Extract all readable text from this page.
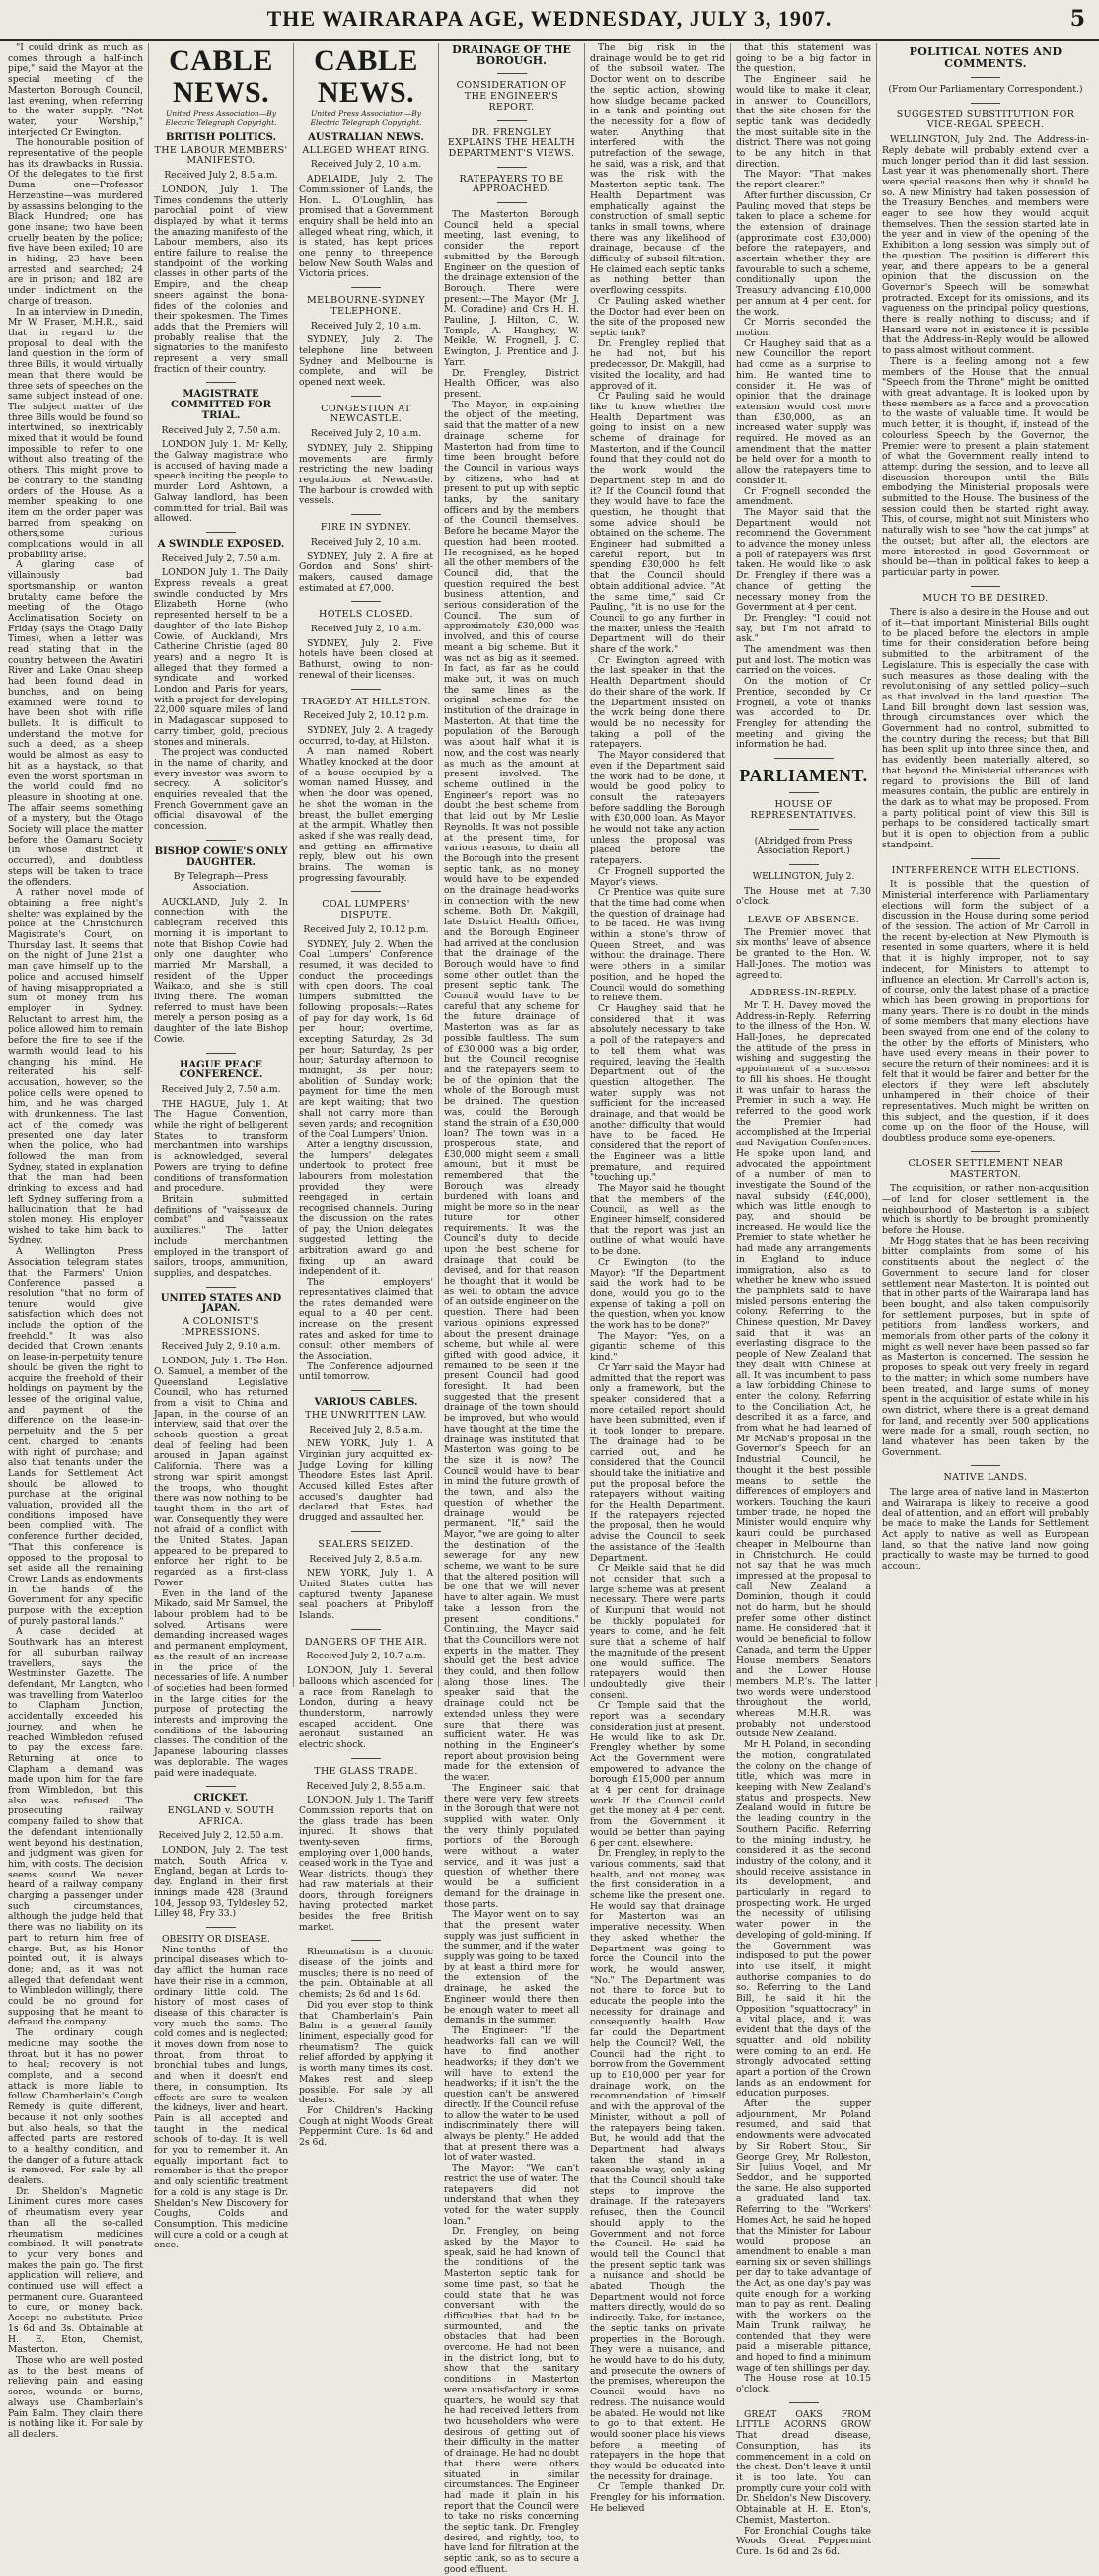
THE WAIRARAPA AGE, WEDNESDAY, JULY 3, 1907.	5

"I could drink as much as comes through a half-inch pipe," said the Mayor at the special meeting of the Masterton Borough Council, last evening, when referring to the water supply. "Not water, your Worship," interjected Cr Ewington.

The honourable position of representative of the people has its drawbacks in Russia. Of the delegates to the first Duma one—Professor Herzenstine—was murdered by assassins belonging to the Black Hundred; one has gone insane; two have been cruelly beaten by the police; five have been exiled; 10 are in hiding; 23 have been arrested and searched; 24 are in prison; and 182 are under indictment on the charge of treason.

In an interview in Dunedin, Mr W. Fraser, M.H.R., said that in regard to the proposal to deal with the land question in the form of three Bills, it would virtually mean that there would be three sets of speeches on the same subject instead of one. The subject matter of the three Bills would be found so intertwined, so inextricably mixed that it would be found impossible to refer to one without also treating of the others. This might prove to be contrary to the standing orders of the House. As a member speaking to one item on the order paper was barred from speaking on others,some curious complications would in all probability arise.

A glaring case of villainously bad sportsmanship or wanton brutality came before the meeting of the Otago Acclimatisation Society on Friday (says the Otago Daily Times), when a letter was read stating that in the country between the Awatiri River and Lake Onau sheep had been found dead in bunches, and on being examined were found to have been shot with rifle bullets. It is difficult to understand the motive for such a deed, as a sheep would be almost as easy to hit as a haystack, so that even the worst sportsman in the world could find no pleasure in shooting at one. The affair seems something of a mystery, but the Otago Society will place the matter before the Oamaru Society (in whose district it occurred), and doubtless steps will be taken to trace the offenders.

A rather novel mode of obtaining a free night's shelter was explained by the police at the Christchurch Magistrate's Court, on Thursday last. It seems that on the night of June 21st a man gave himself up to the police and accused himself of having misappropriated a sum of money from his employer in Sydney. Reluctant to arrest him, the police allowed him to remain before the fire to see if the warmth would lead to his changing his mind. He reiterated his self-accusation, however, so the police cells were opened to him, and he was charged with drunkenness. The last act of the comedy was presented one day later when the police, who had followed the man from Sydney, stated in explanation that the man had been drinking to excess and had left Sydney suffering from a hallucination that he had stolen money. His employer wished to take him back to Sydney.

A Wellington Press Association telegram states that the Farmers' Union Conference passed a resolution "that no form of tenure would give satisfaction which does not include the option of the freehold." It was also decided that Crown tenants on lease-in-perpetuity tenure should be given the right to acquire the freehold of their holdings on payment by the lessee of the original value, and payment of the difference on the lease-in-perpetuity and the 5 per cent. charged to tenants with right of purchase; and also that tenants under the Lands for Settlement Act should be allowed to purchase at the original valuation, provided all the conditions imposed have been complied with. The conference further decided, "That this conference is opposed to the proposal to set aside all the remaining Crown Lands as endowments in the hands of the Government for any specific purpose with the exception of purely pastoral lands."

A case decided at Southwark has an interest for all suburban railway travellers, says the Westminster Gazette. The defendant, Mr Langton, who was travelling from Waterloo to Clapham Junction, accidentally exceeded his journey, and when he reached Wimbledon refused to pay the excess fare. Returning at once to Clapham a demand was made upon him for the fare from Wimbledon, but this also was refused. The prosecuting railway company failed to show that the defendant intentionally went beyond his destination, and judgment was given for him, with costs. The decision seems sound. We never heard of a railway company charging a passenger under such circumstances, although the judge held that there was no liability on its part to return him free of charge. But, as his Honor pointed out, it is always done; and, as it was not alleged that defendant went to Wimbledon willingly, there could be no ground for supposing that he meant to defraud the company.

The ordinary cough medicine may soothe the throat, but it has no power to heal; recovery is not complete, and a second attack is more liable to follow. Chamberlain's Cough Remedy is quite different, because it not only soothes but also heals, so that the affected parts are restored to a healthy condition, and the danger of a future attack is removed. For sale by all dealers.

Dr. Sheldon's Magnetic Liniment cures more cases of rheumatism every year than all the so-called rheumatism medicines combined. It will penetrate to your very bones and makes the pain go. The first application will relieve, and continued use will effect a permanent cure. Guaranteed to cure, or money back. Accept no substitute. Price 1s 6d and 3s. Obtainable at H. E. Eton, Chemist, Masterton.

Those who are well posted as to the best means of relieving pain and easing sores, wounds or burns, always use Chamberlain's Pain Balm. They claim there is nothing like it. For sale by all dealers.

CABLE NEWS.
United Press Association—By Electric Telegraph Copyright.
BRITISH POLITICS.
THE LABOUR MEMBERS' MANIFESTO.
Received July 2, 8.5 a.m.

LONDON, July 1. The Times condemns the utterly parochial point of view displayed by what it terms the amazing manifesto of the Labour members, also its entire failure to realise the standpoint of the working classes in other parts of the Empire, and the cheap sneers against the bona-fides of the colonies and their spokesmen. The Times adds that the Premiers will probably realise that the signatories to the manifesto represent a very small fraction of their country.

MAGISTRATE COMMITTED FOR TRIAL.
Received July 2, 7.50 a.m.

LONDON July 1. Mr Kelly, the Galway magistrate who is accused of having made a speech inciting the people to murder Lord Ashtown, a Galway landlord, has been committed for trial. Bail was allowed.

A SWINDLE EXPOSED.
Received July 2, 7.50 a.m.

LONDON July 1. The Daily Express reveals a great swindle conducted by Mrs Elizabeth Horne (who represented herself to be a daughter of the late Bishop Cowie, of Auckland), Mrs Catherine Christie (aged 80 years) and a negro. It is alleged that they formed a syndicate and worked London and Paris for years, with a project for developing 22,000 square miles of land in Madagascar supposed to carry timber, gold, precious stones and minerals.

The project was conducted in the name of charity, and every investor was sworn to secrecy. A solicitor's enquiries revealed that the French Government gave an official disavowal of the concession.

BISHOP COWIE'S ONLY DAUGHTER.
By Telegraph—Press Association.

AUCKLAND, July 2. In connection with the cablegram received this morning it is important to note that Bishop Cowie had only one daughter, who married Mr Marshall, a resident of the Upper Waikato, and she is still living there. The woman referred to must have been merely a person posing as a daughter of the late Bishop Cowie.

HAGUE PEACE CONFERENCE.
Received July 2, 7.50 a.m.

THE HAGUE, July 1. At The Hague Convention, while the right of belligerent States to transform merchantmen into warships is acknowledged, several Powers are trying to define conditions of transformation and procedure.

Britain submitted definitions of "vaisseaux de combat" and "vaisseaux auxiliares." The latter include merchantmen employed in the transport of sailors, troops, ammunition, supplies, and despatches.

UNITED STATES AND JAPAN.
A COLONIST'S IMPRESSIONS.
Received July 2, 9.10 a.m.

LONDON, July 1. The Hon. O. Samuel, a member of the Queensland Legislative Council, who has returned from a visit to China and Japan, in the course of an interview, said that over the schools question a great deal of feeling had been aroused in Japan against California. There was a strong war spirit amongst the troops, who thought there was now nothing to be taught them in the art of war. Consequently they were not afraid of a conflict with the United States. Japan appeared to be prepared to enforce her right to be regarded as a first-class Power.

Even in the land of the Mikado, said Mr Samuel, the labour problem had to be solved. Artisans were demanding increased wages and permanent employment, as the result of an increase in the price of the necessaries of life. A number of societies had been formed in the large cities for the purpose of protecting the interests and improving the conditions of the labouring classes. The condition of the Japanese labouring classes was deplorable. The wages paid were inadequate.

CRICKET.
ENGLAND v. SOUTH AFRICA.
Received July 2, 12.50 a.m.

LONDON, July 2. The test match, South Africa v. England, began at Lords to-day. England in their first innings made 428 (Braund 104, Jessop 93, Tyldesley 52, Lilley 48, Fry 33.)

OBESITY OR DISEASE.

Nine-tenths of the principal diseases which to-day afflict the human race have their rise in a common, ordinary little cold. The history of most cases of disease of this character is very much the same. The cold comes and is neglected; it moves down from nose to throat, from throat to bronchial tubes and lungs, and when it doesn't end there, in consumption. Its effects are sure to weaken the kidneys, liver and heart. Pain is all accepted and taught in the medical schools of to-day. It is well for you to remember it. An equally important fact to remember is that the proper and only scientific treatment for a cold is any stage is Dr. Sheldon's New Discovery for Coughs, Colds and Consumption. This medicine will cure a cold or a cough at once.

CABLE NEWS.
United Press Association—By Electric Telegraph Copyright.
AUSTRALIAN NEWS.
ALLEGED WHEAT RING.
Received July 2, 10 a.m.

ADELAIDE, July 2. The Commissioner of Lands, the Hon. L. O'Loughlin, has promised that a Government enquiry shall be held into an alleged wheat ring, which, it is stated, has kept prices one penny to threepence below New South Wales and Victoria prices.

MELBOURNE-SYDNEY TELEPHONE.
Received July 2, 10 a.m.

SYDNEY, July 2. The telephone line between Sydney and Melbourne is complete, and will be opened next week.

CONGESTION AT NEWCASTLE.
Received July 2, 10 a.m.

SYDNEY, July 2. Shipping movements are firmly restricting the new loading regulations at Newcastle. The harbour is crowded with vessels.

FIRE IN SYDNEY.
Received July 2, 10 a.m.

SYDNEY, July 2. A fire at Gordon and Sons' shirt-makers, caused damage estimated at £7,000.

HOTELS CLOSED.
Received July 2, 10 a.m.

SYDNEY, July 2. Five hotels have been closed at Bathurst, owing to non-renewal of their licenses.

TRAGEDY AT HILLSTON.
Received July 2, 10.12 p.m.

SYDNEY, July 2. A tragedy occurred, to-day, at Hillston.

A man named Robert Whatley knocked at the door of a house occupied by a woman named Hussey, and when the door was opened, he shot the woman in the breast, the bullet emerging at the armpit. Whatley then asked if she was really dead, and getting an affirmative reply, blew out his own brains. The woman is progressing favourably.

COAL LUMPERS' DISPUTE.
Received July 2, 10.12 p.m.

SYDNEY, July 2. When the Coal Lumpers' Conference resumed, it was decided to conduct the proceedings with open doors. The coal lumpers submitted the following proposals:—Rates of pay for day work, 1s 6d per hour; overtime, excepting Saturday, 2s 3d per hour; Saturday, 2s per hour; Saturday afternoon to midnight, 3s per hour; abolition of Sunday work; payment for time the men are kept waiting; that two shall not carry more than seven yards; and recognition of the Coal Lumpers' Union.

After a lengthy discussion, the lumpers' delegates undertook to protect free labourers from molestation provided they were reengaged in certain recognised channels. During the discussion on the rates of pay, the Union delegates suggested letting the arbitration award go and fixing up an award independent of it.

The employers' representatives claimed that the rates demanded were equal to a 40 per cent. increase on the present rates and asked for time to consult other members of the Association.

The Conference adjourned until tomorrow.

VARIOUS CABLES.
THE UNWRITTEN LAW.
Received July 2, 8.5 a.m.

NEW YORK, July 1. A Virginian jury acquitted ex-Judge Loving for killing Theodore Estes last April. Accused killed Estes after accused's daughter had declared that Estes had drugged and assaulted her.

SEALERS SEIZED.
Received July 2, 8.5 a.m.

NEW YORK, July 1. A United States cutter has captured twenty Japanese seal poachers at Pribyloff Islands.

DANGERS OF THE AIR.
Received July 2, 10.7 a.m.

LONDON, July 1. Several balloons which ascended for a race from Ranelagh to London, during a heavy thunderstorm, narrowly escaped accident. One aeronaut sustained an electric shock.

THE GLASS TRADE.
Received July 2, 8.55 a.m.

LONDON, July 1. The Tariff Commission reports that on the glass trade has been injured. It shows that twenty-seven firms, employing over 1,000 hands, ceased work in the Tyne and Wear districts, though they had raw materials at their doors, through foreigners having protected market besides the free British market.

Rheumatism is a chronic disease of the joints and muscles; there is no need of the pain. Obtainable at all chemists; 2s 6d and 1s 6d.

Did you ever stop to think that Chamberlain's Pain Balm is a general family liniment, especially good for rheumatism? The quick relief afforded by applying it is worth many times its cost. Makes rest and sleep possible. For sale by all dealers.

For Children's Hacking Cough at night Woods' Great Peppermint Cure. 1s 6d and 2s 6d.

DRAINAGE OF THE BOROUGH.
CONSIDERATION OF THE ENGINEER'S REPORT.
DR. FRENGLEY EXPLAINS THE HEALTH DEPARTMENT'S VIEWS.
RATEPAYERS TO BE APPROACHED.

The Masterton Borough Council held a special meeting, last evening, to consider the report submitted by the Borough Engineer on the question of the drainage extension of the Borough. There were present:—The Mayor (Mr J. M. Coradine) and Crs H. H. Pauline, J. Hilton, C. W. Temple, A. Haughey, W. Meikle, W. Frognell, J. C. Ewington, J. Prentice and J. Yarr.

Dr. Frengley, District Health Officer, was also present.

The Mayor, in explaining the object of the meeting, said that the matter of a new drainage scheme for Masterton had from time to time been brought before the Council in various ways by citizens, who had at present to put up with septic tanks, by the sanitary officers and by the members of the Council themselves. Before he became Mayor the question had been mooted. He recognised, as he hoped all the other members of the Council did, that the question required the best business attention, and serious consideration of the Council. The sum of approximately £30,000 was involved, and this of course meant a big scheme. But it was not as big as it seemed. In fact, as far as he could make out, it was on much the same lines as the original scheme for the institution of the drainage in Masterton. At that time the population of the Borough was about half what it is now, and the cost was nearly as much as the amount at present involved. The scheme outlined in the Engineer's report was no doubt the best scheme from that laid out by Mr Leslie Reynolds. It was not possible at the present time, for various reasons, to drain all the Borough into the present septic tank, as no money would have to be expended on the drainage head-works in connection with the new scheme. Both Dr. Makgill, late District Health Officer, and the Borough Engineer had arrived at the conclusion that the drainage of the Borough would have to find some other outlet than the present septic tank. The Council would have to be careful that any scheme for the future drainage of Masterton was as far as possible faultless. The sum of £30,000 was a big order, but the Council recognise and the ratepayers seem to be of the opinion that the whole of the Borough must be drained. The question was, could the Borough stand the strain of a £30,000 loan? The town was in a prosperous state, and £30,000 might seem a small amount, but it must be remembered that the Borough was already burdened with loans and might be more so in the near future for other requirements. It was the Council's duty to decide upon the best scheme for drainage that could be devised, and for that reason he thought that it would be as well to obtain the advice of an outside engineer on the question. There had been various opinions expressed about the present drainage scheme, but while all were gifted with good advice, it remained to be seen if the present Council had good foresight. It had been suggested that the present drainage of the town should be improved, but who would have thought at the time the drainage was instituted that Masterton was going to be the size it is now? The Council would have to bear in mind the future growth of the town, and also the question of whether the drainage would be permanent. "If," said the Mayor, "we are going to alter the destination of the sewerage for any new scheme, we want to be sure that the altered position will be one that we will never have to alter again. We must take a lesson from the present conditions." Continuing, the Mayor said that the Councillors were not experts in the matter. They should get the best advice they could, and then follow along those lines. The speaker said that the drainage could not be extended unless they were sure that there was sufficient water. He was nothing in the Engineer's report about provision being made for the extension of the water.

The Engineer said that there were very few streets in the Borough that were not supplied with water. Only the very thinly populated portions of the Borough were without a water service, and it was just a question of whether there would be a sufficient demand for the drainage in those parts.

The Mayor went on to say that the present water supply was just sufficient in the summer, and if the water supply was going to be taxed by at least a third more for the extension of the drainage, he asked the Engineer would there then be enough water to meet all demands in the summer.

The Engineer: "If the headworks fall can we will have to find another headworks; if they don't we will have to extend the headworks; if it isn't the the question can't be answered directly. If the Council refuse to allow the water to be used indiscriminately there will always be plenty." He added that at present there was a lot of water wasted.

The Mayor: "We can't restrict the use of water. The ratepayers did not understand that when they voted for the water supply loan."

Dr. Frengley, on being asked by the Mayor to speak, said he had known of the conditions of the Masterton septic tank for some time past, so that he could state that he was conversant with the difficulties that had to be surmounted, and the obstacles that had been overcome. He had not been in the district long, but to show that the sanitary conditions in Masterton were unsatisfactory in some quarters, he would say that he had received letters from two householders who were desirous of getting out of their difficulty in the matter of drainage. He had no doubt that there were others situated in similar circumstances. The Engineer had made it plain in his report that the Council were to take no risks concerning the septic tank. Dr. Frengley desired, and rightly, too, to have land for filtration at the septic tank, so as to secure a good effluent.

The big risk in the drainage would be to get rid of the subsoil water. The Doctor went on to describe the septic action, showing how sludge became packed in a tank and pointing out the necessity for a flow of water. Anything that interfered with the putrefaction of the sewage, he said, was a risk, and that was the risk with the Masterton septic tank. The Health Department was emphatically against the construction of small septic tanks in small towns, where there was any likelihood of drainage, because of the difficulty of subsoil filtration. He claimed each septic tanks as nothing better than overflowing cesspits.

Cr Pauling asked whether the Doctor had ever been on the site of the proposed new septic tank?

Dr. Frengley replied that he had not, but his predecessor, Dr. Makgill, had visited the locality, and had approved of it.

Cr Pauling said he would like to know whether the Health Department was going to insist on a new scheme of drainage for Masterton, and if the Council found that they could not do the work would the Department step in and do it? If the Council found that they would have to face the question, he thought that some advice should be obtained on the scheme. The Engineer had submitted a careful report, but in spending £30,000 he felt that the Council should obtain additional advice. "At the same time," said Cr Pauling, "it is no use for the Council to go any further in the matter, unless the Health Department will do their share of the work."

Cr Ewington agreed with the last speaker in that the Health Department should do their share of the work. If the Department insisted on the work being done there would be no necessity for taking a poll of the ratepayers.

The Mayor considered that even if the Department said the work had to be done, it would be good policy to consult the ratepayers before saddling the Borough with £30,000 loan. As Mayor he would not take any action unless the proposal was placed before the ratepayers.

Cr Frognell supported the Mayor's views.

Cr Prentice was quite sure that the time had come when the question of drainage had to be faced. He was living within a stone's throw of Queen Street, and was without the drainage. There were others in a similar position, and he hoped the Council would do something to relieve them.

Cr Haughey said that he considered that it was absolutely necessary to take a poll of the ratepayers and to tell them what was required, leaving the Health Department out of the question altogether. The water supply was not sufficient for the increased drainage, and that would be another difficulty that would have to be faced. He considered that the report of the Engineer was a little premature, and required "touching up."

The Mayor said he thought that the members of the Council, as well as the Engineer himself, considered that the report was just an outline of what would have to be done.

Cr Ewington (to the Mayor): "If the Department said the work had to be done, would you go to the expense of taking a poll on the question, when you know the work has to be done?"

The Mayor: "Yes, on a gigantic scheme of this kind."

Cr Yarr said the Mayor had admitted that the report was only a framework, but the speaker considered that a more detailed report should have been submitted, even if it took longer to prepare. The drainage had to be carried out, and he considered that the Council should take the initiative and put the proposal before the ratepayers without waiting for the Health Department. If the ratepayers rejected the proposal, then he would advise the Council to seek the assistance of the Health Department.

Cr Meikle said that he did not consider that such a large scheme was at present necessary. There were parts of Kuripuni that would not be thickly populated for years to come, and he felt sure that a scheme of half the magnitude of the present one would suffice. The ratepayers would then undoubtedly give their consent.

Cr Temple said that the report was a secondary consideration just at present. He would like to ask Dr. Frengley whether by some Act the Government were empowered to advance the borough £15,000 per annum at 4 per cent for drainage work. If the Council could get the money at 4 per cent. from the Government it would be better than paying 6 per cent. elsewhere.

Dr. Frengley, in reply to the various comments, said that health, and not money, was the first consideration in a scheme like the present one. He would say that drainage for Masterton was an imperative necessity. When they asked whether the Department was going to force the Council into the work, he would answer, "No." The Department was not there to force but to educate the people into the necessity for drainage and consequently health. How far could the Department help the Council? Well, the Council had the right to borrow from the Government up to £10,000 per year for drainage work, on the recommendation of himself and with the approval of the Minister, without a poll of the ratepayers being taken. But, he would add that the Department had always taken the stand in a reasonable way, only asking that the Council should take steps to improve the drainage. If the ratepayers refused, then the Council should apply to the Government and not force the Council. He said he would tell the Council that the present septic tank was a nuisance and should be abated. Though the Department would not force matters directly, would do so indirectly. Take, for instance, the septic tanks on private properties in the Borough. They were a nuisance, and he would have to do his duty, and prosecute the owners of the premises, whereupon the Council would have no redress. The nuisance would be abated. He would not like to go to that extent. He would sooner place his views before a meeting of ratepayers in the hope that they would be educated into the necessity for drainage.

Cr Temple thanked Dr. Frengley for his information. He believed

that this statement was going to be a big factor in the question.

The Engineer said he would like to make it clear, in answer to Councillors, that the site chosen for the septic tank was decidedly the most suitable site in the district. There was not going to be any hitch in that direction.

The Mayor: "That makes the report clearer."

After further discussion, Cr Pauling moved that steps be taken to place a scheme for the extension of drainage (approximate cost £30,000) before the ratepayers, and ascertain whether they are favourable to such a scheme, conditionally upon the Treasury advancing £10,000 per annum at 4 per cent. for the work.

Cr Morris seconded the motion.

Cr Haughey said that as a new Councillor the report had come as a surprise to him. He wanted time to consider it. He was of opinion that the drainage extension would cost more than £30,000, as an increased water supply was required. He moved as an amendment that the matter be held over for a month to allow the ratepayers time to consider it.

Cr Frognell seconded the amendment.

The Mayor said that the Department would not recommend the Government to advance the money unless a poll of ratepayers was first taken. He would like to ask Dr. Frengley if there was a chance of getting the necessary money from the Government at 4 per cent.

Dr. Frengley: "I could not say, but I'm not afraid to ask."

The amendment was then put and lost. The motion was carried on the voices.

On the motion of Cr Prentice, seconded by Cr Frognell, a vote of thanks was accorded to Dr. Frengley for attending the meeting and giving the information he had.

PARLIAMENT.
HOUSE OF REPRESENTATIVES.
(Abridged from Press Association Report.)
WELLINGTON, July 2.

The House met at 7.30 o'clock.

LEAVE OF ABSENCE.

The Premier moved that six months' leave of absence be granted to the Hon. W. Hall-Jones. The motion was agreed to.

ADDRESS-IN-REPLY.

Mr T. H. Davey moved the Address-in-Reply. Referring to the illness of the Hon. W. Hall-Jones, he deprecated the attitude of the press in wishing and suggesting the appointment of a successor to fill his shoes. He thought it was unfair to harass the Premier in such a way. He referred to the good work the Premier had accomplished at the Imperial and Navigation Conferences. He spoke upon land, and advocated the appointment of a number of men to investigate the Sound of the naval subsidy (£40,000), which was little enough to pay, and should be increased. He would like the Premier to state whether he had made any arrangements in England to induce immigration, also as to whether he knew who issued the pamphlets said to have misled persons entering the colony. Referring to the Chinese question, Mr Davey said that it was an everlasting disgrace to the people of New Zealand that they dealt with Chinese at all. It was incumbent to pass a law forbidding Chinese to enter the colony. Referring to the Conciliation Act, he described it as a farce, and from what he had learned of Mr McNab's proposal in the Governor's Speech for an Industrial Council, he thought it the best possible means to settle the differences of employers and workers. Touching the kauri timber trade, he hoped the Minister would enquire why kauri could be purchased cheaper in Melbourne than in Christchurch. He could not say that he was much impressed at the proposal to call New Zealand a Dominion, though it could not do harm, but he should prefer some other distinct name. He considered that it would be beneficial to follow Canada, and term the Upper House members Senators and the Lower House members M.P.'s. The latter two words were understood throughout the world, whereas M.H.R. was probably not understood outside New Zealand.

Mr H. Poland, in seconding the motion, congratulated the colony on the change of title, which was more in keeping with New Zealand's status and prospects. New Zealand would in future be the leading country in the Southern Pacific. Referring to the mining industry, he considered it as the second industry of the colony, and it should receive assistance in its development, and particularly in regard to prospecting work. He urged the necessity of utilising water power in the developing of gold-mining. If the Government was indisposed to put the power into use itself, it might authorise companies to do so. Referring to the Land Bill, he said it hit the Opposition "squattocracy" in a vital place, and it was evident that the days of the squatter and old nobility were coming to an end. He strongly advocated setting apart a portion of the Crown lands as an endowment for education purposes.

After the supper adjournment, Mr Poland resumed, and said that endowments were advocated by Sir Robert Stout, Sir George Grey, Mr Rolleston, Sir Julius Vogel, and Mr Seddon, and he supported the same. He also supported a graduated land tax. Referring to the "Workers' Homes Act, he said he hoped that the Minister for Labour would propose an amendment to enable a man earning six or seven shillings per day to take advantage of the Act, as one day's pay was quite enough for a working man to pay as rent. Dealing with the workers on the Main Trunk railway, he contended that they were paid a miserable pittance, and hoped to find a minimum wage of ten shillings per day.

The House rose at 10.15 o'clock.

GREAT OAKS FROM LITTLE ACORNS GROW That dread disease, Consumption, has its commencement in a cold on the chest. Don't leave it until it is too late. You can promptly cure your cold with Dr. Sheldon's New Discovery. Obtainable at H. E. Eton's, Chemist, Masterton.

For Bronchial Coughs take Woods Great Peppermint Cure. 1s 6d and 2s 6d.

POLITICAL NOTES AND COMMENTS.
(From Our Parliamentary Correspondent.)
SUGGESTED SUBSTITUTION FOR VICE-REGAL SPEECH.

WELLINGTON, July 2nd. The Address-in-Reply debate will probably extend over a much longer period than it did last session. Last year it was phenomenally short. There were special reasons then why it should be so. A new Ministry had taken possession of the Treasury Benches, and members were eager to see how they would acquit themselves. Then the session started late in the year and in view of the opening of the Exhibition a long session was simply out of the question. The position is different this year, and there appears to be a general opinion that the discussion on the Governor's Speech will be somewhat protracted. Except for its omissions, and its vagueness on the principal policy questions, there is really nothing to discuss; and if Hansard were not in existence it is possible that the Address-in-Reply would be allowed to pass almost without comment.

There is a feeling among not a few members of the House that the annual "Speech from the Throne" might be omitted with great advantage. It is looked upon by these members as a farce and a provocation to the waste of valuable time. It would be much better, it is thought, if, instead of the colourless Speech by the Governor, the Premier were to present a plain statement of what the Government really intend to attempt during the session, and to leave all discussion thereupon until the Bills embodying the Ministerial proposals were submitted to the House. The business of the session could then be started right away. This, of course, might not suit Ministers who naturally wish to see "how the cat jumps" at the outset; but after all, the electors are more interested in good Government—or should be—than in political fakes to keep a particular party in power.

MUCH TO BE DESIRED.

There is also a desire in the House and out of it—that important Ministerial Bills ought to be placed before the electors in ample time for their consideration before being submitted to the arbitrament of the Legislature. This is especially the case with such measures as those dealing with the revolutionising of any settled policy—such as that involved in the land question. The Land Bill brought down last session was, through circumstances over which the Government had no control, submitted to the country during the recess; but that Bill has been split up into three since then, and has evidently been materially altered, so that beyond the Ministerial utterances with regard to provisions the Bill of land measures contain, the public are entirely in the dark as to what may be proposed. From a party political point of view this Bill is perhaps to be considered tactically smart but it is open to objection from a public standpoint.

INTERFERENCE WITH ELECTIONS.

It is possible that the question of Ministerial interference with Parliamentary elections will form the subject of a discussion in the House during some period of the session. The action of Mr Carroll in the recent by-election at New Plymouth is resented in some quarters, where it is held that it is highly improper, not to say indecent, for Ministers to attempt to influence an election. Mr Carroll's action is, of course, only the latest phase of a practice which has been growing in proportions for many years. There is no doubt in the minds of some members that many elections have been swayed from one end of the colony to the other by the efforts of Ministers, who have used every means in their power to secure the return of their nominees; and it is felt that it would be fairer and better for the electors if they were left absolutely unhampered in their choice of their representatives. Much might be written on this subject, and the question, if it does come up on the floor of the House, will doubtless produce some eye-openers.

CLOSER SETTLEMENT NEAR MASTERTON.

The acquisition, or rather non-acquisition—of land for closer settlement in the neighbourhood of Masterton is a subject which is shortly to be brought prominently before the House.

Mr Hogg states that he has been receiving bitter complaints from some of his constituents about the neglect of the Government to secure land for closer settlement near Masterton. It is pointed out that in other parts of the Wairarapa land has been bought, and also taken compulsorily for settlement purposes, but in spite of petitions from landless workers, and memorials from other parts of the colony it might as well never have been passed so far as Masterton is concerned. The session he proposes to speak out very freely in regard to the matter; in which some numbers have been treated, and large sums of money spent in the acquisition of estate while in his own district, where there is a great demand for land, and recently over 500 applications were made for a small, rough section, no land whatever has been taken by the Government.

NATIVE LANDS.

The large area of native land in Masterton and Wairarapa is likely to receive a good deal of attention, and an effort will probably be made to make the Lands for Settlement Act apply to native as well as European land, so that the native land now going practically to waste may be turned to good account.
